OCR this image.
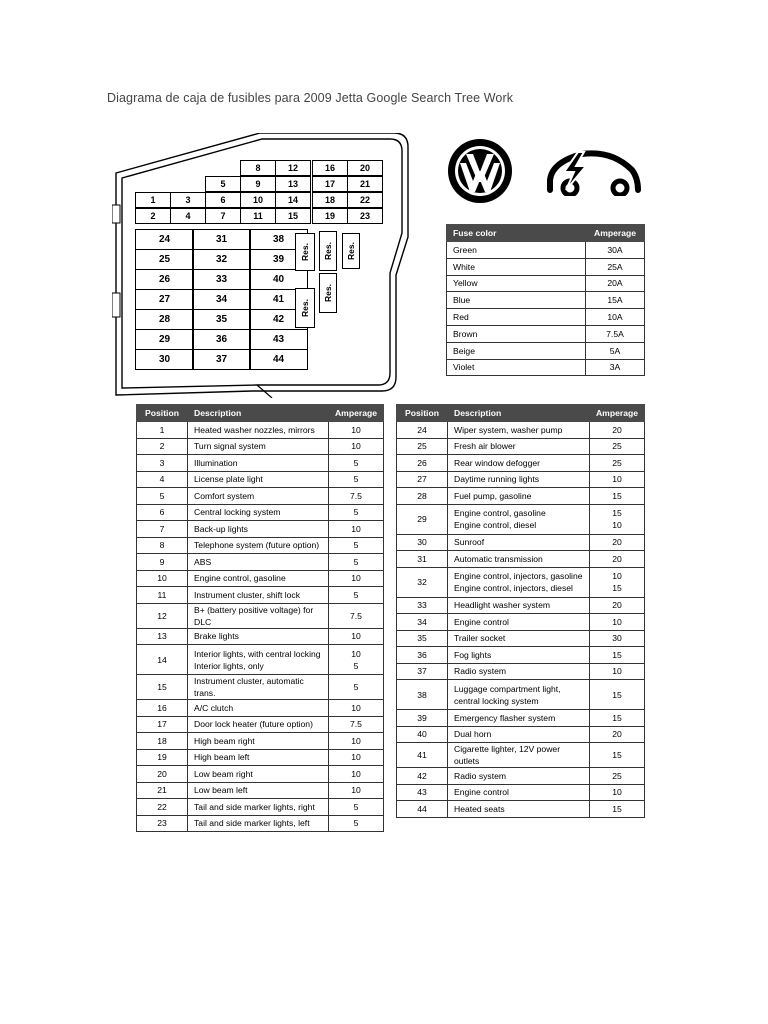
Diagrama de caja de fusibles para 2009 Jetta Google Search Tree Work
1
2
3
4
5
6
7
8
9
10
11
12
13
14
15
16
17
18
19
20
21
22
23
24
25
26
27
28
29
30
31
32
33
34
35
36
37
38
39
40
41
42
43
44
Res. Res. Res.
Res.
Res.
Fuse color	Amperage
Green	30A
White	25A
Yellow	20A
Blue	15A
Red	10A
Brown	7.5A
Beige	5A
Violet	3A
Position	Description	Amperage
1	Heated washer nozzles, mirrors	10
2	Turn signal system	10
3	Illumination	5
4	License plate light	5
5	Comfort system	7.5
6	Central locking system	5
7	Back-up lights	10
8	Telephone system (future option)	5
9	ABS	5
10	Engine control, gasoline	10
11	Instrument cluster, shift lock	5
12	B+ (battery positive voltage) for DLC	7.5
13	Brake lights	10
14	Interior lights, with central locking
Interior lights, only	10
5
15	Instrument cluster, automatic trans.	5
16	A/C clutch	10
17	Door lock heater (future option)	7.5
18	High beam right	10
19	High beam left	10
20	Low beam right	10
21	Low beam left	10
22	Tail and side marker lights, right	5
23	Tail and side marker lights, left	5
Position	Description	Amperage
24	Wiper system, washer pump	20
25	Fresh air blower	25
26	Rear window defogger	25
27	Daytime running lights	10
28	Fuel pump, gasoline	15
29	Engine control, gasoline
Engine control, diesel	15
10
30	Sunroof	20
31	Automatic transmission	20
32	Engine control, injectors, gasoline
Engine control, injectors, diesel	10
15
33	Headlight washer system	20
34	Engine control	10
35	Trailer socket	30
36	Fog lights	15
37	Radio system	10
38	Luggage compartment light,
central locking system	15
39	Emergency flasher system	15
40	Dual horn	20
41	Cigarette lighter, 12V power outlets	15
42	Radio system	25
43	Engine control	10
44	Heated seats	15
